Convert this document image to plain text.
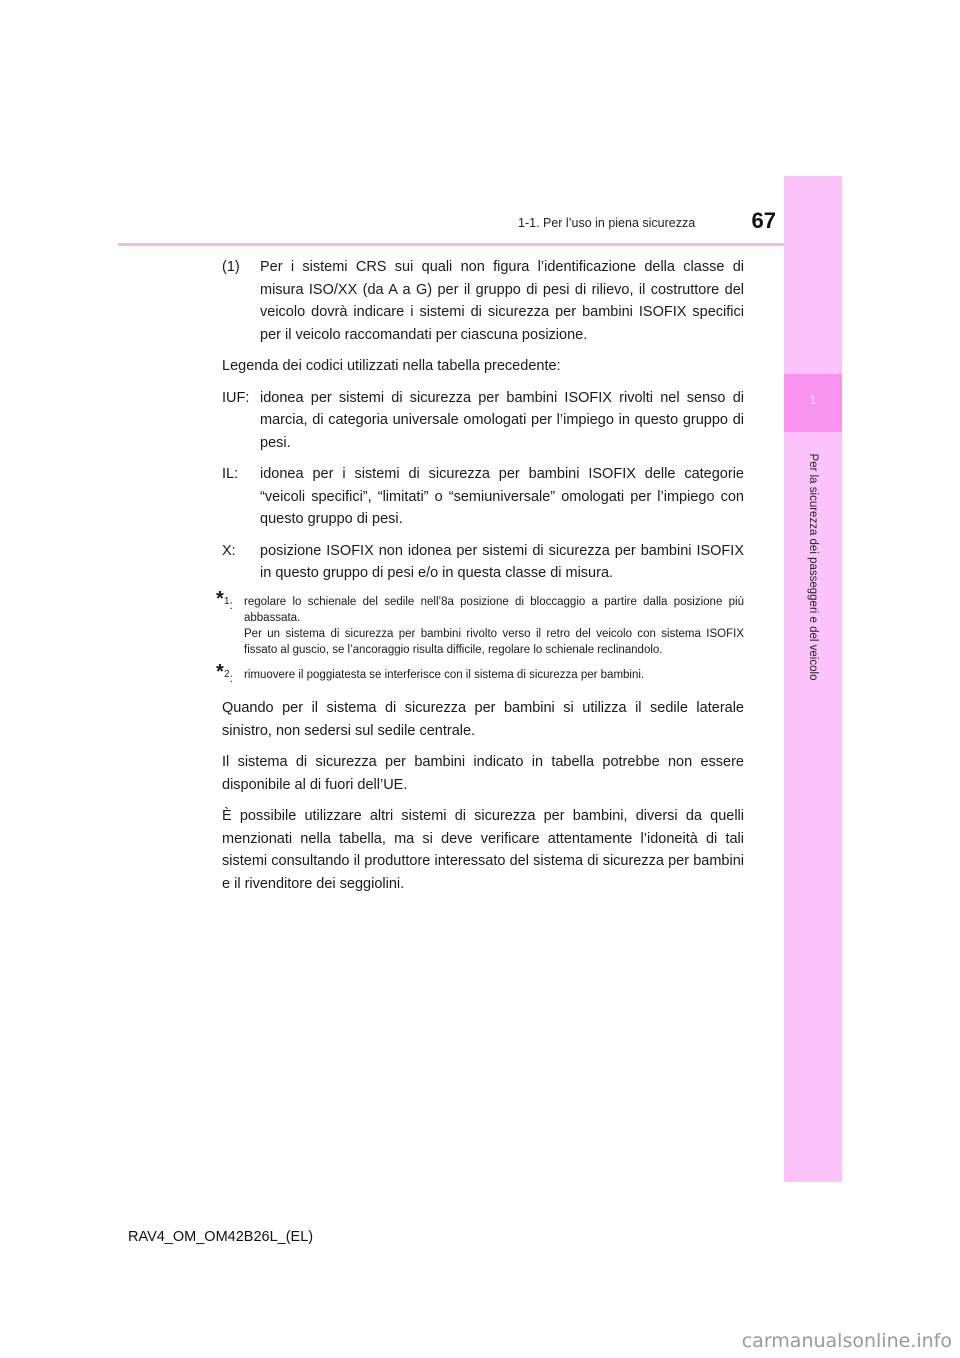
1-1. Per l’uso in piena sicurezza	67
1
Per la sicurezza dei passeggeri e del veicolo
(1)	Per i sistemi CRS sui quali non figura l’identificazione della classe di misura ISO/XX (da A a G) per il gruppo di pesi di rilievo, il costruttore del veicolo dovrà indicare i sistemi di sicurezza per bambini ISOFIX specifici per il veicolo raccomandati per ciascuna posizione.

Legenda dei codici utilizzati nella tabella precedente:

IUF: idonea per sistemi di sicurezza per bambini ISOFIX rivolti nel senso di marcia, di categoria universale omologati per l’impiego in questo gruppo di pesi.
IL:	idonea per i sistemi di sicurezza per bambini ISOFIX delle categorie “veicoli specifici”, “limitati” o “semiuniversale” omologati per l’impiego con questo gruppo di pesi.
X:	posizione ISOFIX non idonea per sistemi di sicurezza per bambini ISOFIX in questo gruppo di pesi e/o in questa classe di misura.
* $^1$: regolare lo schienale del sedile nell’8a posizione di bloccaggio a partire dalla posizione più abbassata.
Per un sistema di sicurezza per bambini rivolto verso il retro del veicolo con sistema ISOFIX fissato al guscio, se l’ancoraggio risulta difficile, regolare lo schienale reclinandolo.
* $^2$: rimuovere il poggiatesta se interferisce con il sistema di sicurezza per bambini.

Quando per il sistema di sicurezza per bambini si utilizza il sedile laterale sinistro, non sedersi sul sedile centrale.

Il sistema di sicurezza per bambini indicato in tabella potrebbe non essere disponibile al di fuori dell’UE.

È possibile utilizzare altri sistemi di sicurezza per bambini, diversi da quelli menzionati nella tabella, ma si deve verificare attentamente l’idoneità di tali sistemi consultando il produttore interessato del sistema di sicurezza per bambini e il rivenditore dei seggiolini.

RAV4_OM_OM42B26L_(EL)
carmanualsonline.info
